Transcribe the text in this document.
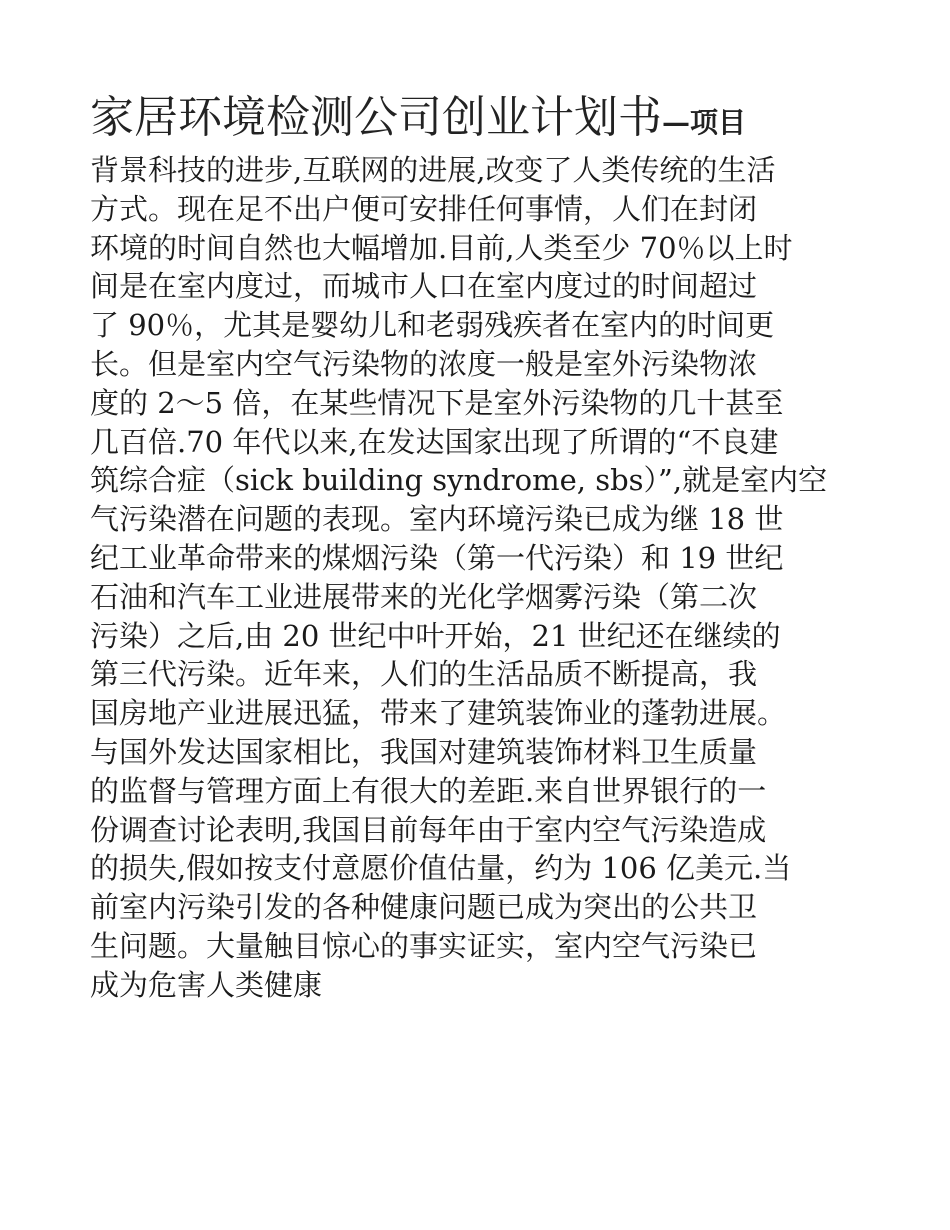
家居环境检测公司创业计划书—项目

背景科技的进步,互联网的进展,改变了人类传统的生活
方式。现在足不出户便可安排任何事情，人们在封闭
环境的时间自然也大幅增加.目前,人类至少 70％以上时
间是在室内度过，而城市人口在室内度过的时间超过
了 90％，尤其是婴幼儿和老弱残疾者在室内的时间更
长。但是室内空气污染物的浓度一般是室外污染物浓
度的 2～5 倍，在某些情况下是室外污染物的几十甚至
几百倍.70 年代以来,在发达国家出现了所谓的“不良建
筑综合症（sick building syndrome, sbs）”,就是室内空
气污染潜在问题的表现。室内环境污染已成为继 18 世
纪工业革命带来的煤烟污染（第一代污染）和 19 世纪
石油和汽车工业进展带来的光化学烟雾污染（第二次
污染）之后,由 20 世纪中叶开始，21 世纪还在继续的
第三代污染。近年来，人们的生活品质不断提高，我
国房地产业进展迅猛，带来了建筑装饰业的蓬勃进展。
与国外发达国家相比，我国对建筑装饰材料卫生质量
的监督与管理方面上有很大的差距.来自世界银行的一
份调查讨论表明,我国目前每年由于室内空气污染造成
的损失,假如按支付意愿价值估量，约为 106 亿美元.当
前室内污染引发的各种健康问题已成为突出的公共卫
生问题。大量触目惊心的事实证实，室内空气污染已
成为危害人类健康
